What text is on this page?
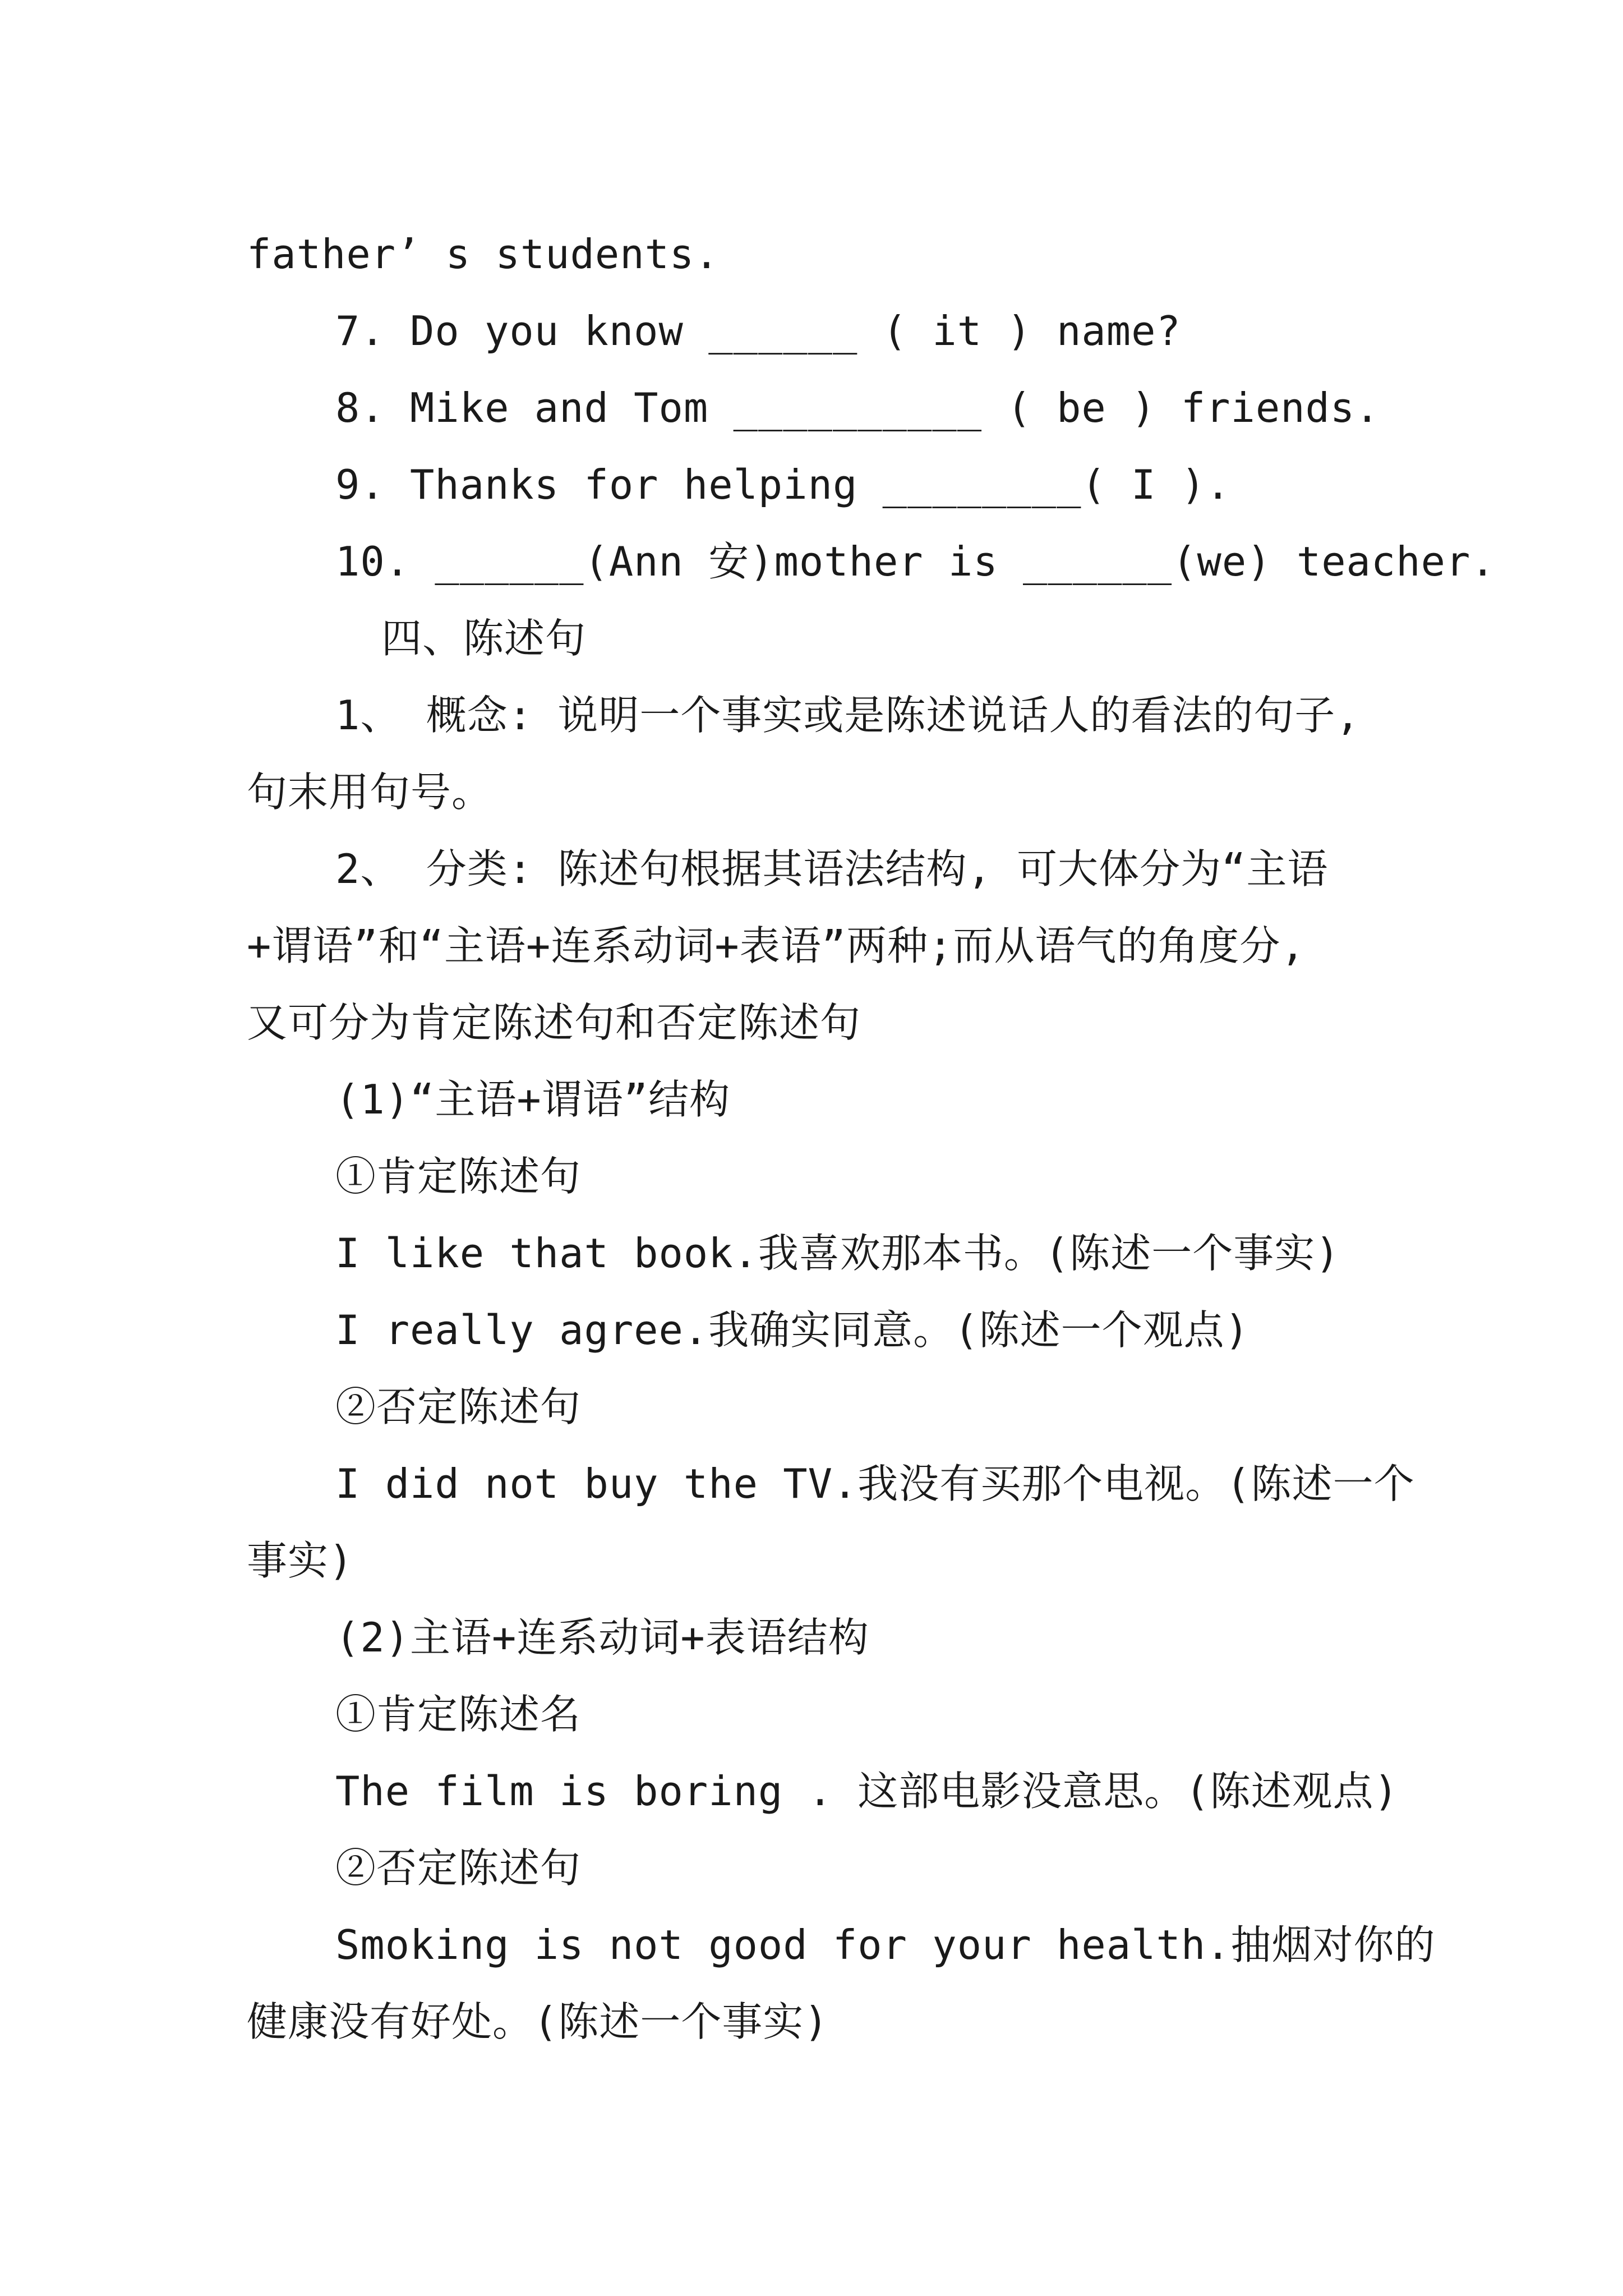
father’ s students.
7. Do you know ______ ( it ) name?
8. Mike and Tom __________ ( be ) friends.
9. Thanks for helping ________( I ).
10. ______(Ann 安)mother is ______(we) teacher.
四、陈述句
1、 概念: 说明一个事实或是陈述说话人的看法的句子,
句末用句号。
2、 分类: 陈述句根据其语法结构, 可大体分为“主语
+谓语”和“主语+连系动词+表语”两种;而从语气的角度分,
又可分为肯定陈述句和否定陈述句
(1)“主语+谓语”结构
①肯定陈述句
I like that book.我喜欢那本书。(陈述一个事实)
I really agree.我确实同意。(陈述一个观点)
②否定陈述句
I did not buy the TV.我没有买那个电视。(陈述一个
事实)
(2)主语+连系动词+表语结构
①肯定陈述名
The film is boring . 这部电影没意思。(陈述观点)
②否定陈述句
Smoking is not good for your health.抽烟对你的
健康没有好处。(陈述一个事实)
